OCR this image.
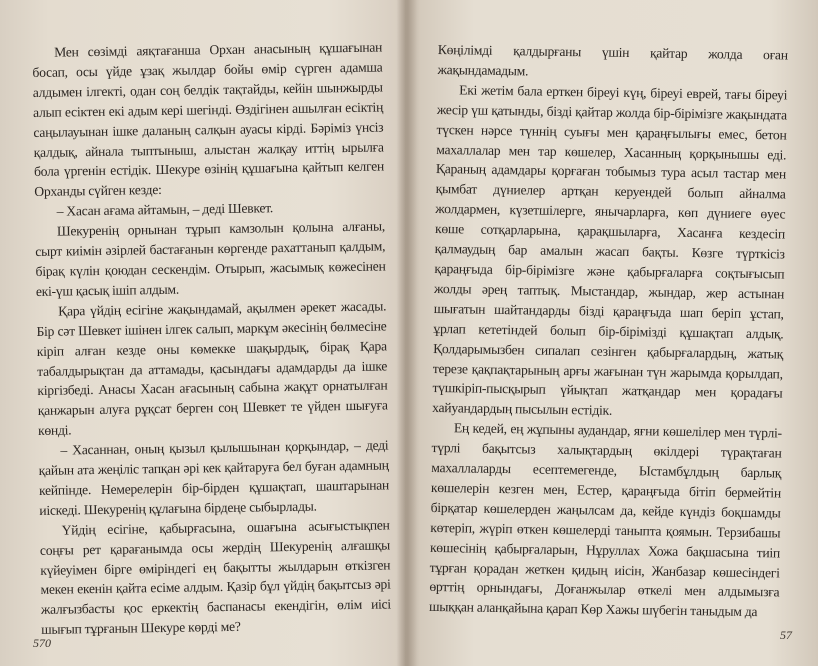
Мен сөзімді аяқтағанша Орхан анасының құшағынан босап, осы үйде ұзақ жылдар бойы өмір сүрген адамша алдымен ілгекті, одан соң белдік тақтайды, кейін шынжырды алып есіктен екі адым кері шегінді. Өздігінен ашылған есіктің саңылауынан ішке даланың салқын ауасы кірді. Бәріміз үнсіз қалдық, айнала тыптыныш, алыстан жалқау иттің ырылға бола үргенін естідік. Шекуре өзінің құшағына қайтып келген Орханды сүйген кезде:

– Хасан ағама айтамын, – деді Шевкет.

Шекуренің орнынан тұрып камзолын қолына алғаны, сырт киімін әзірлей бастағанын көргенде рахаттанып қалдым, бірақ күлін қоюдан сескендім. Отырып, жасымық көжесінен екі-үш қасық ішіп алдым.

Қара үйдің есігіне жақындамай, ақылмен әрекет жасады. Бір сәт Шевкет ішінен ілгек салып, маркұм әкесінің бөлмесіне кіріп алған кезде оны көмекке шақырдық, бірақ Қара табалдырықтан да аттамады, қасындағы адамдарды да ішке кіргізбеді. Анасы Хасан ағасының сабына жақұт орнатылған қанжарын алуға рұқсат берген соң Шевкет те үйден шығуға көнді.

– Хасаннан, оның қызыл қылышынан қорқындар, – деді қайын ата жеңіліс тапқан әрі кек қайтаруға бел буған адамның кейпінде. Немерелерін бір-бірден құшақтап, шаштарынан иіскеді. Шекуренің құлағына бірдеңе сыбырлады.

Үйдің есігіне, қабырғасына, ошағына асығыстықпен соңғы рет қарағанымда осы жердің Шекуренің алғашқы күйеуімен бірге өміріндегі ең бақытты жылдарын өткізген мекен екенін қайта есіме алдым. Қазір бұл үйдің бақытсыз әрі жалғызбасты қос еркектің баспанасы екендігін, өлім иісі шығып тұрғанын Шекуре көрді ме?

570

Көңілімді қалдырғаны үшін қайтар жолда оған жақындамадым.

Екі жетім бала ерткен біреуі күң, біреуі еврей, тағы біреуі жесір үш қатынды, бізді қайтар жолда бір-бірімізге жақындата түскен нәрсе түннің суығы мен қараңғылығы емес, бетон махаллалар мен тар көшелер, Хасанның қорқынышы еді. Қараның адамдары қорғаған тобымыз тура асыл тастар мен қымбат дүниелер артқан керуендей болып айналма жолдармен, күзетшілерге, янычарларға, көп дүниеге өуес көше сотқарларына, қарақшыларға, Хасанға кездесіп қалмаудың бар амалын жасап бақты. Көзге түрткісіз қараңғыда бір-бірімізге және қабырғаларға соқтығысып жолды әрең таптық. Мыстандар, жындар, жер астынан шығатын шайтандарды бізді қараңғыда шап беріп ұстап, ұрлап кететіндей болып бір-бірімізді құшақтап алдық. Қолдарымызбен сипалап сезінген қабырғалардың, жатық терезе қақпақтарының арғы жағынан түн жарымда қорылдап, түшкіріп-пысқырып үйықтап жатқандар мен қорадағы хайуандардың пысылын естідік.

Ең кедей, ең жұпыны аудандар, яғни көшелілер мен түрлі-түрлі бақытсыз халықтардың өкілдері түрақтаған махаллаларды есептемегенде, Ыстамбұлдың барлық көшелерін кезген мен, Естер, қараңғыда бітіп бермейтін бірқатар көшелерден жаңылсам да, кейде күндіз боқшамды көтеріп, жүріп өткен көшелерді таныпта қоямын. Терзибашы көшесінің қабырғаларын, Нұруллах Хожа бақшасына тиіп тұрған қорадан жеткен қидың иісін, Жанбазар көшесіндегі өрттің орнындағы, Доғанжылар өткелі мен алдымызға шыққан аланқайына қарап Көр Хажы шүбегін таныдым да

57
